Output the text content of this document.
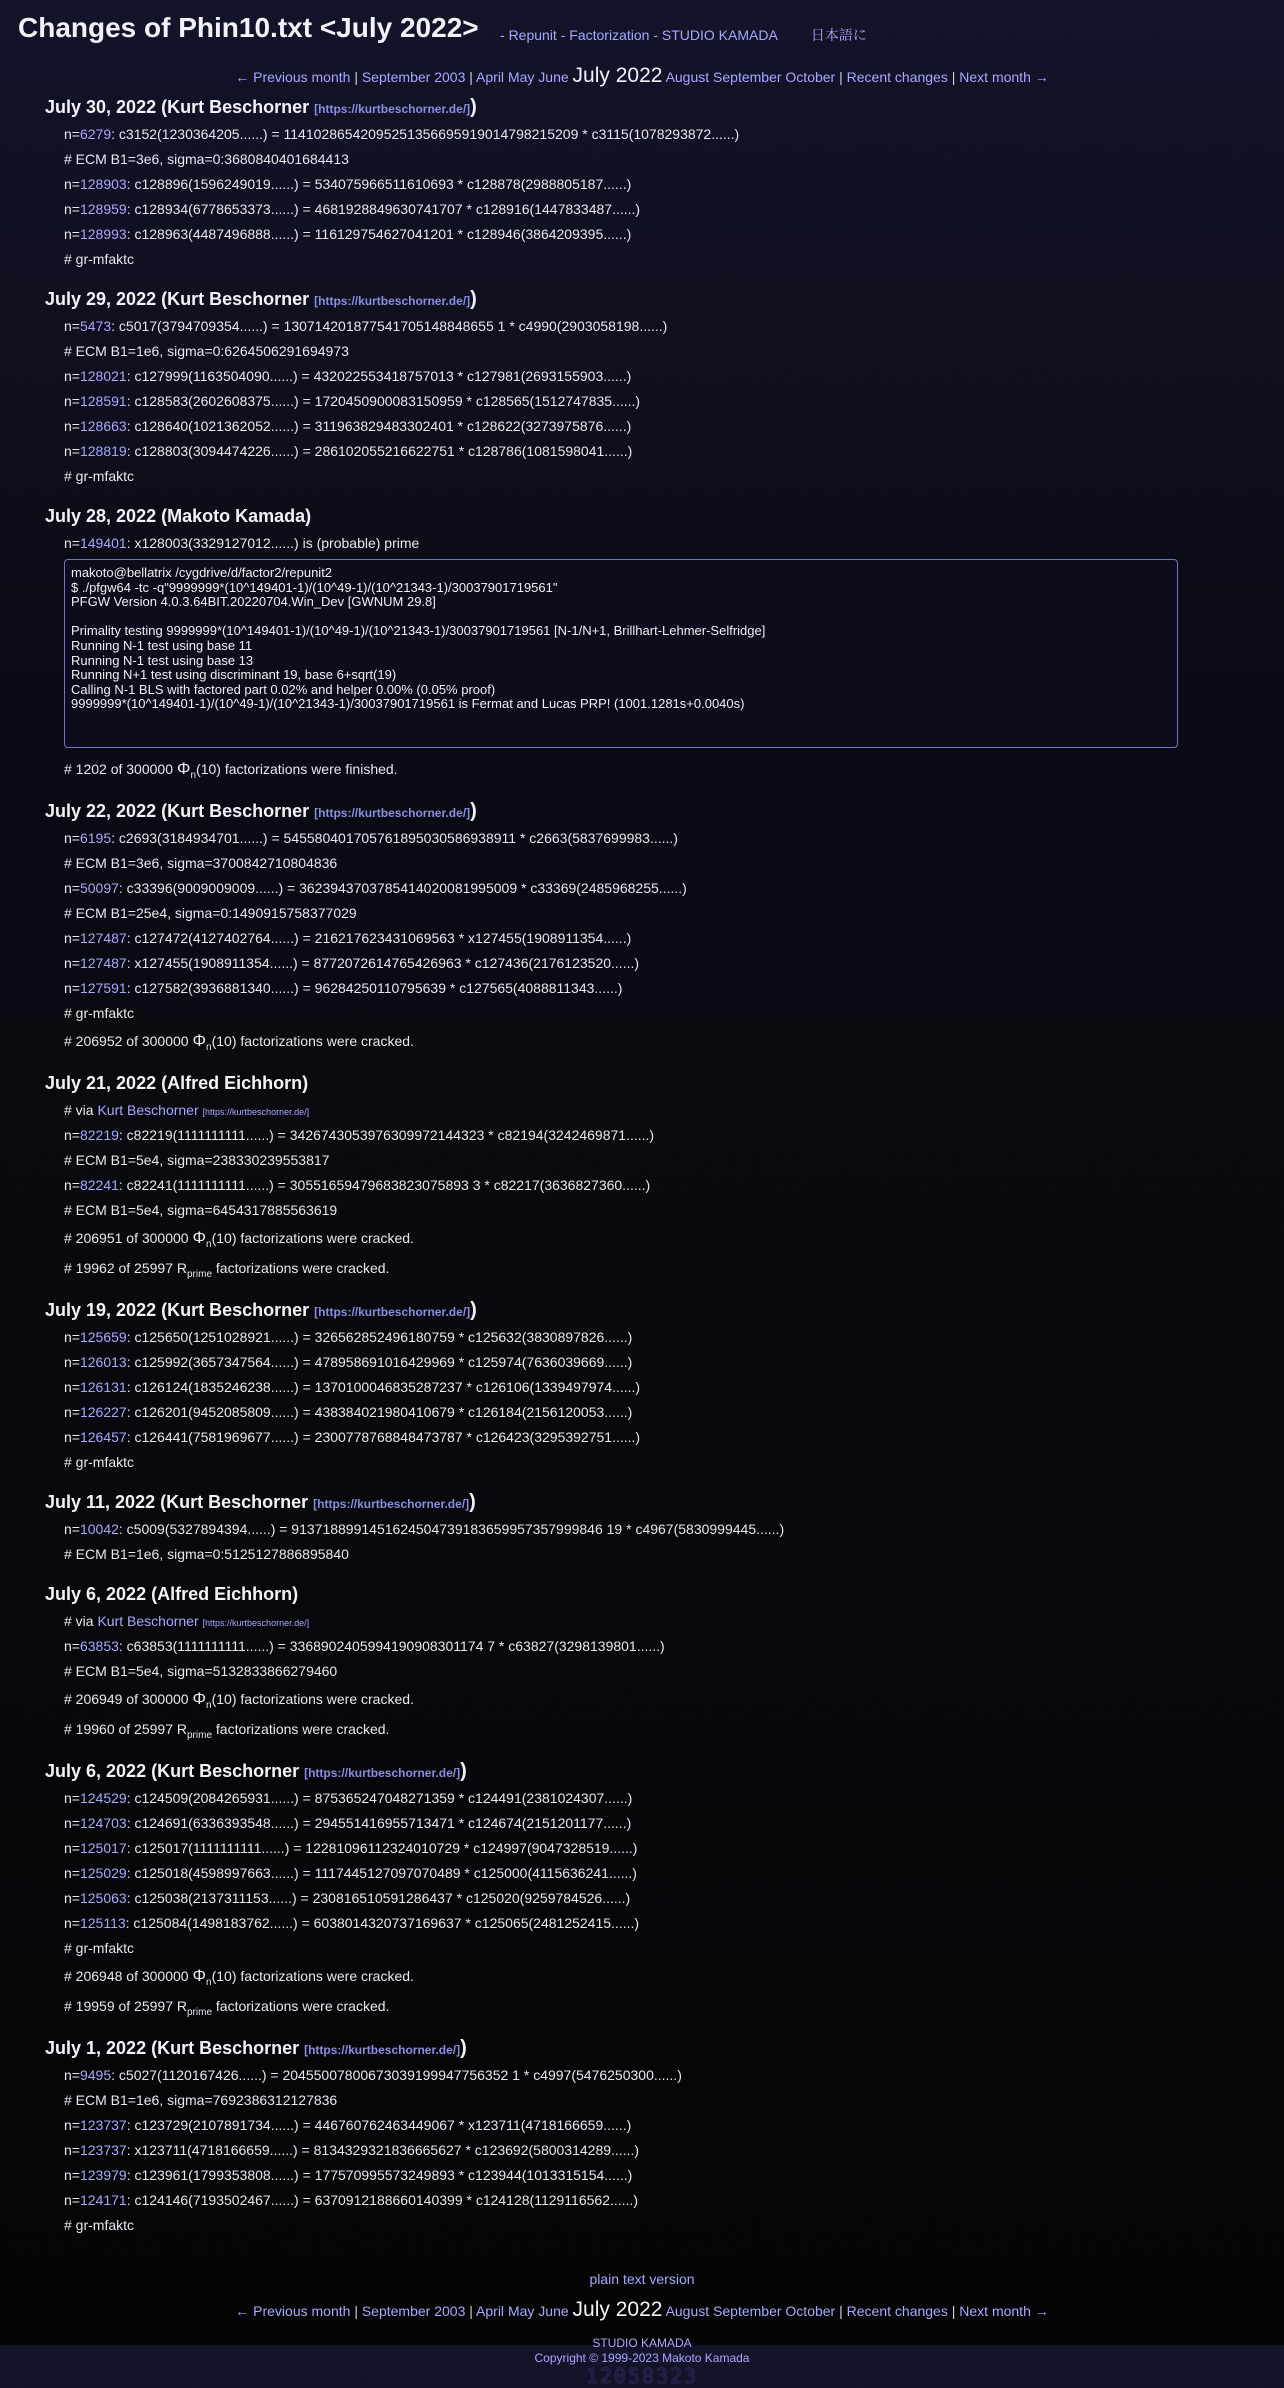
Changes of Phin10.txt <July 2022> - Repunit - Factorization - STUDIO KAMADA 日本語に
← Previous month | September 2003 | April May June July 2022 August September October | Recent changes | Next month →
July 30, 2022 (Kurt Beschorner [https://kurtbeschorner.de/])
n=6279: c3152(1230364205......) = 11410286542095251356695919014798215209 * c3115(1078293872......)
# ECM B1=3e6, sigma=0:3680840401684413
n=128903: c128896(1596249019......) = 534075966511610693 * c128878(2988805187......)
n=128959: c128934(6778653373......) = 4681928849630741707 * c128916(1447833487......)
n=128993: c128963(4487496888......) = 116129754627041201 * c128946(3864209395......)
# gr-mfaktc
July 29, 2022 (Kurt Beschorner [https://kurtbeschorner.de/])
n=5473: c5017(3794709354......) = 130714201877541705148848655 1 * c4990(2903058198......)
# ECM B1=1e6, sigma=0:6264506291694973
n=128021: c127999(1163504090......) = 432022553418757013 * c127981(2693155903......)
n=128591: c128583(2602608375......) = 1720450900083150959 * c128565(1512747835......)
n=128663: c128640(1021362052......) = 311963829483302401 * c128622(3273975876......)
n=128819: c128803(3094474226......) = 286102055216622751 * c128786(1081598041......)
# gr-mfaktc
July 28, 2022 (Makoto Kamada)
n=149401: x128003(3329127012......) is (probable) prime
makoto@bellatrix /cygdrive/d/factor2/repunit2
$ ./pfgw64 -tc -q"9999999*(10^149401-1)/(10^49-1)/(10^21343-1)/30037901719561"
PFGW Version 4.0.3.64BIT.20220704.Win_Dev [GWNUM 29.8]

Primality testing 9999999*(10^149401-1)/(10^49-1)/(10^21343-1)/30037901719561 [N-1/N+1, Brillhart-Lehmer-Selfridge]
Running N-1 test using base 11
Running N-1 test using base 13
Running N+1 test using discriminant 19, base 6+sqrt(19)
Calling N-1 BLS with factored part 0.02% and helper 0.00% (0.05% proof)
9999999*(10^149401-1)/(10^49-1)/(10^21343-1)/30037901719561 is Fermat and Lucas PRP! (1001.1281s+0.0040s)
# 1202 of 300000 $\Phi_n(10)$ factorizations were finished.
July 22, 2022 (Kurt Beschorner [https://kurtbeschorner.de/])
n=6195: c2693(3184934701......) = 545580401705761895030586938911 * c2663(5837699983......)
# ECM B1=3e6, sigma=3700842710804836
n=50097: c33396(9009009009......) = 3623943703785414020081995009 * c33369(2485968255......)
# ECM B1=25e4, sigma=0:1490915758377029
n=127487: c127472(4127402764......) = 216217623431069563 * x127455(1908911354......)
n=127487: x127455(1908911354......) = 8772072614765426963 * c127436(2176123520......)
n=127591: c127582(3936881340......) = 96284250110795639 * c127565(4088811343......)
# gr-mfaktc
# 206952 of 300000 $\Phi_n(10)$ factorizations were cracked.
July 21, 2022 (Alfred Eichhorn)
# via Kurt Beschorner [https://kurtbeschorner.de/]
n=82219: c82219(1111111111......) = 3426743053976309972144323 * c82194(3242469871......)
# ECM B1=5e4, sigma=238330239553817
n=82241: c82241(1111111111......) = 30551659479683823075893 3 * c82217(3636827360......)
# ECM B1=5e4, sigma=6454317885563619
# 206951 of 300000 $\Phi_n(10)$ factorizations were cracked.
# 19962 of 25997 $R_{prime}$ factorizations were cracked.
July 19, 2022 (Kurt Beschorner [https://kurtbeschorner.de/])
n=125659: c125650(1251028921......) = 326562852496180759 * c125632(3830897826......)
n=126013: c125992(3657347564......) = 478958691016429969 * c125974(7636039669......)
n=126131: c126124(1835246238......) = 1370100046835287237 * c126106(1339497974......)
n=126227: c126201(9452085809......) = 438384021980410679 * c126184(2156120053......)
n=126457: c126441(7581969677......) = 2300778768848473787 * c126423(3295392751......)
# gr-mfaktc
July 11, 2022 (Kurt Beschorner [https://kurtbeschorner.de/])
n=10042: c5009(5327894394......) = 9137188991451624504739183659957357999846 19 * c4967(5830999445......)
# ECM B1=1e6, sigma=0:5125127886895840
July 6, 2022 (Alfred Eichhorn)
# via Kurt Beschorner [https://kurtbeschorner.de/]
n=63853: c63853(1111111111......) = 3368902405994190908301174 7 * c63827(3298139801......)
# ECM B1=5e4, sigma=5132833866279460
# 206949 of 300000 $\Phi_n(10)$ factorizations were cracked.
# 19960 of 25997 $R_{prime}$ factorizations were cracked.
July 6, 2022 (Kurt Beschorner [https://kurtbeschorner.de/])
n=124529: c124509(2084265931......) = 875365247048271359 * c124491(2381024307......)
n=124703: c124691(6336393548......) = 294551416955713471 * c124674(2151201177......)
n=125017: c125017(1111111111......) = 12281096112324010729 * c124997(9047328519......)
n=125029: c125018(4598997663......) = 1117445127097070489 * c125000(4115636241......)
n=125063: c125038(2137311153......) = 230816510591286437 * c125020(9259784526......)
n=125113: c125084(1498183762......) = 6038014320737169637 * c125065(2481252415......)
# gr-mfaktc
# 206948 of 300000 $\Phi_n(10)$ factorizations were cracked.
# 19959 of 25997 $R_{prime}$ factorizations were cracked.
July 1, 2022 (Kurt Beschorner [https://kurtbeschorner.de/])
n=9495: c5027(1120167426......) = 20455007800673039199947756352 1 * c4997(5476250300......)
# ECM B1=1e6, sigma=7692386312127836
n=123737: c123729(2107891734......) = 446760762463449067 * x123711(4718166659......)
n=123737: x123711(4718166659......) = 8134329321836665627 * c123692(5800314289......)
n=123979: c123961(1799353808......) = 177570995573249893 * c123944(1013315154......)
n=124171: c124146(7193502467......) = 6370912188660140399 * c124128(1129116562......)
# gr-mfaktc
plain text version
← Previous month | September 2003 | April May June July 2022 August September October | Recent changes | Next month →
STUDIO KAMADA
Copyright © 1999-2023 Makoto Kamada
12058323
